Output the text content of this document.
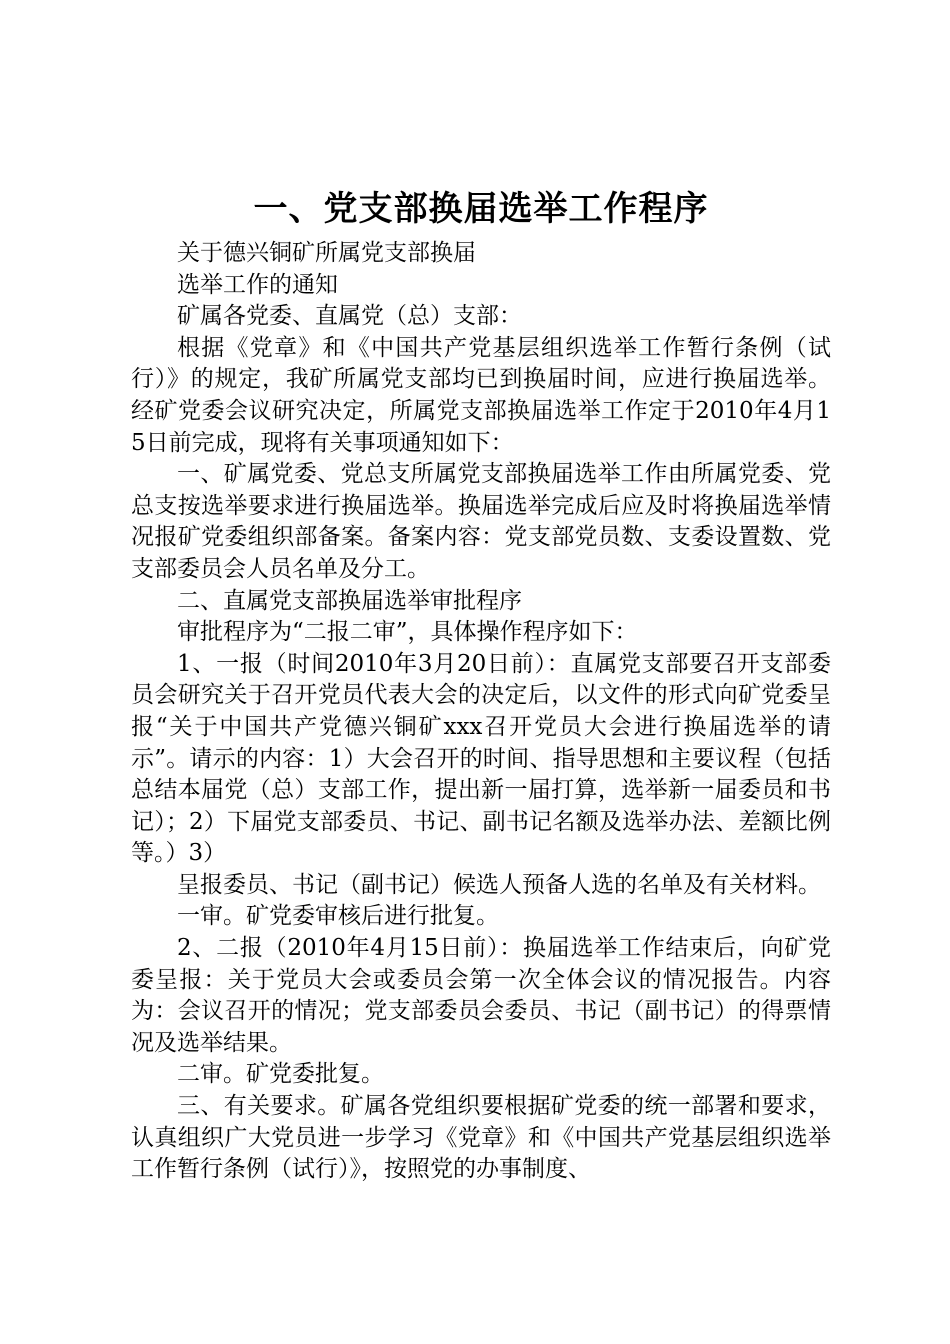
一、党支部换届选举工作程序

关于德兴铜矿所属党支部换届

选举工作的通知

矿属各党委、直属党（总）支部：

根据《党章》和《中国共产党基层组织选举工作暂行条例（试行）》的规定，我矿所属党支部均已到换届时间，应进行换届选举。经矿党委会议研究决定，所属党支部换届选举工作定于2010年4月15日前完成，现将有关事项通知如下：

一、矿属党委、党总支所属党支部换届选举工作由所属党委、党总支按选举要求进行换届选举。换届选举完成后应及时将换届选举情况报矿党委组织部备案。备案内容：党支部党员数、支委设置数、党支部委员会人员名单及分工。

二、直属党支部换届选举审批程序

审批程序为“二报二审”，具体操作程序如下：

1、一报（时间2010年3月20日前）：直属党支部要召开支部委员会研究关于召开党员代表大会的决定后，以文件的形式向矿党委呈报“关于中国共产党德兴铜矿xxx召开党员大会进行换届选举的请示”。请示的内容：1）大会召开的时间、指导思想和主要议程（包括总结本届党（总）支部工作，提出新一届打算，选举新一届委员和书记）；2）下届党支部委员、书记、副书记名额及选举办法、差额比例等。）3）

呈报委员、书记（副书记）候选人预备人选的名单及有关材料。

一审。矿党委审核后进行批复。

2、二报（2010年4月15日前）：换届选举工作结束后，向矿党委呈报：关于党员大会或委员会第一次全体会议的情况报告。内容为：会议召开的情况；党支部委员会委员、书记（副书记）的得票情况及选举结果。

二审。矿党委批复。

三、有关要求。矿属各党组织要根据矿党委的统一部署和要求，认真组织广大党员进一步学习《党章》和《中国共产党基层组织选举工作暂行条例（试行）》，按照党的办事制度、
